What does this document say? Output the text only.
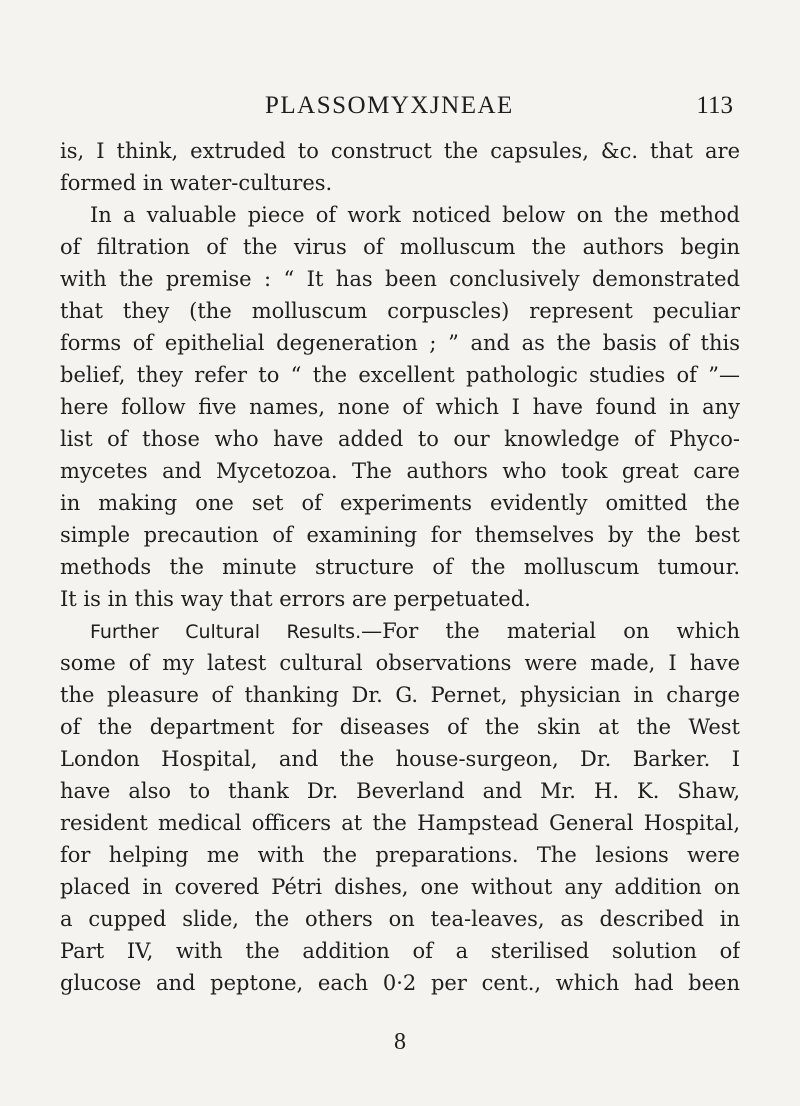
PLASSOMYXJNEAE	113
is, I think, extruded to construct the capsules, &c. that are
formed in water-cultures.
In a valuable piece of work noticed below on the method
of filtration of the virus of molluscum the authors begin
with the premise : “ It has been conclusively demonstrated
that they (the molluscum corpuscles) represent peculiar
forms of epithelial degeneration ; ” and as the basis of this
belief, they refer to “ the excellent pathologic studies of ”—
here follow five names, none of which I have found in any
list of those who have added to our knowledge of Phyco-
mycetes and Mycetozoa. The authors who took great care
in making one set of experiments evidently omitted the
simple precaution of examining for themselves by the best
methods the minute structure of the molluscum tumour.
It is in this way that errors are perpetuated.
Further Cultural Results.—For the material on which
some of my latest cultural observations were made, I have
the pleasure of thanking Dr. G. Pernet, physician in charge
of the department for diseases of the skin at the West
London Hospital, and the house-surgeon, Dr. Barker. I
have also to thank Dr. Beverland and Mr. H. K. Shaw,
resident medical officers at the Hampstead General Hospital,
for helping me with the preparations. The lesions were
placed in covered Pétri dishes, one without any addition on
a cupped slide, the others on tea-leaves, as described in
Part IV, with the addition of a sterilised solution of
glucose and peptone, each 0·2 per cent., which had been
8
